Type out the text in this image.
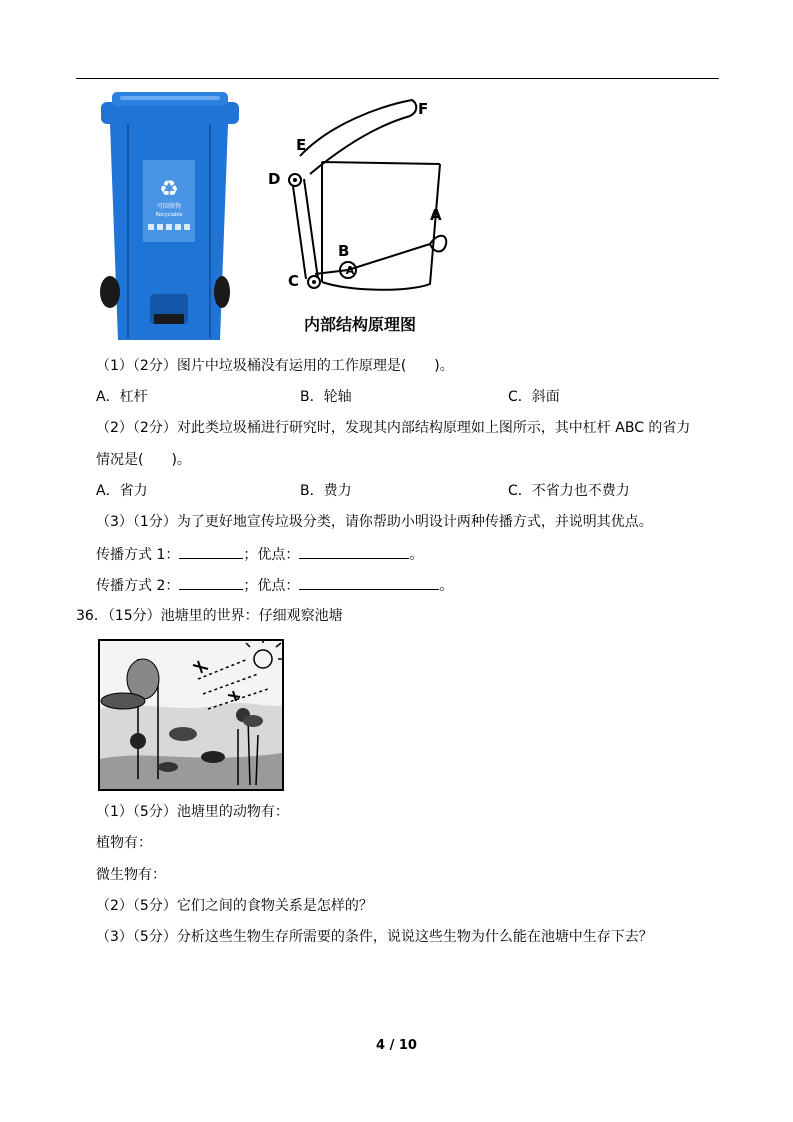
♻
可回收物
Recyclable
A
A
B
C
D
E
F
内部结构原理图
（1）（2分）图片中垃圾桶没有运用的工作原理是(　　)。
A．杠杆	B．轮轴	C．斜面
（2）（2分）对此类垃圾桶进行研究时，发现其内部结构原理如上图所示，其中杠杆 ABC 的省力
情况是(　　)。
A．省力	B．费力	C．不省力也不费力
（3）（1分）为了更好地宣传垃圾分类，请你帮助小明设计两种传播方式，并说明其优点。
传播方式 1：	；优点：	。
传播方式 2：	；优点：	。
36．（15分）池塘里的世界：仔细观察池塘
（1）（5分）池塘里的动物有：
植物有：
微生物有：
（2）（5分）它们之间的食物关系是怎样的？
（3）（5分）分析这些生物生存所需要的条件，说说这些生物为什么能在池塘中生存下去？
4 / 10
